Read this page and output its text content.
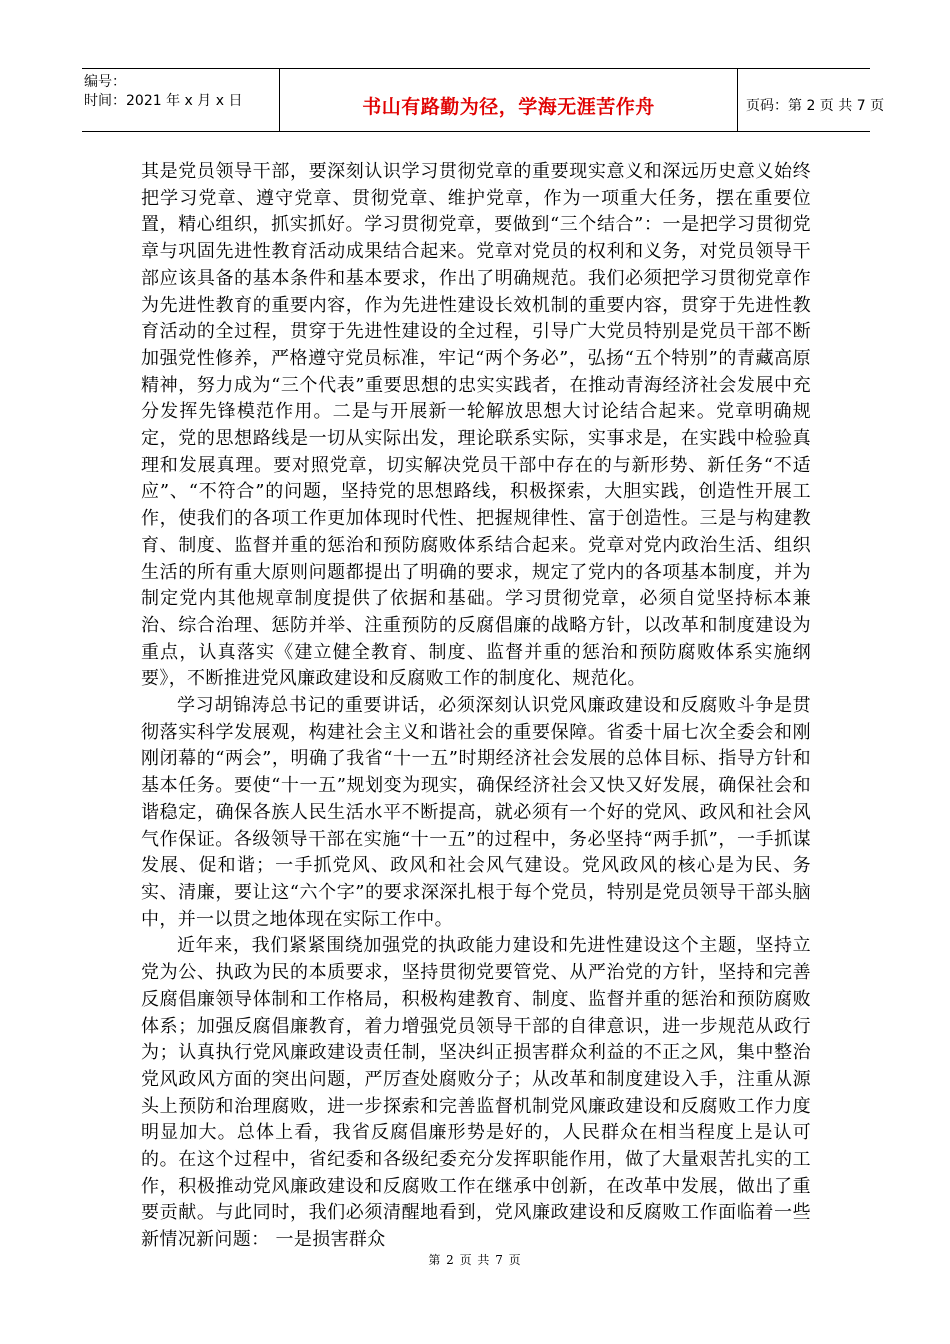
编号：
时间：2021 年 x 月 x 日	书山有路勤为径，学海无涯苦作舟	页码：第 2 页 共 7 页

其是党员领导干部，要深刻认识学习贯彻党章的重要现实意义和深远历史意义始终把学习党章、遵守党章、贯彻党章、维护党章，作为一项重大任务，摆在重要位置，精心组织，抓实抓好。学习贯彻党章，要做到“三个结合”：一是把学习贯彻党章与巩固先进性教育活动成果结合起来。党章对党员的权利和义务，对党员领导干部应该具备的基本条件和基本要求，作出了明确规范。我们必须把学习贯彻党章作为先进性教育的重要内容，作为先进性建设长效机制的重要内容，贯穿于先进性教育活动的全过程，贯穿于先进性建设的全过程，引导广大党员特别是党员干部不断加强党性修养，严格遵守党员标准，牢记“两个务必”，弘扬“五个特别”的青藏高原精神，努力成为“三个代表”重要思想的忠实实践者，在推动青海经济社会发展中充分发挥先锋模范作用。二是与开展新一轮解放思想大讨论结合起来。党章明确规定，党的思想路线是一切从实际出发，理论联系实际，实事求是，在实践中检验真理和发展真理。要对照党章，切实解决党员干部中存在的与新形势、新任务“不适应”、“不符合”的问题，坚持党的思想路线，积极探索，大胆实践，创造性开展工作，使我们的各项工作更加体现时代性、把握规律性、富于创造性。三是与构建教育、制度、监督并重的惩治和预防腐败体系结合起来。党章对党内政治生活、组织生活的所有重大原则问题都提出了明确的要求，规定了党内的各项基本制度，并为制定党内其他规章制度提供了依据和基础。学习贯彻党章，必须自觉坚持标本兼治、综合治理、惩防并举、注重预防的反腐倡廉的战略方针，以改革和制度建设为重点，认真落实《建立健全教育、制度、监督并重的惩治和预防腐败体系实施纲要》，不断推进党风廉政建设和反腐败工作的制度化、规范化。

学习胡锦涛总书记的重要讲话，必须深刻认识党风廉政建设和反腐败斗争是贯彻落实科学发展观，构建社会主义和谐社会的重要保障。省委十届七次全委会和刚刚闭幕的“两会”，明确了我省“十一五”时期经济社会发展的总体目标、指导方针和基本任务。要使“十一五”规划变为现实，确保经济社会又快又好发展，确保社会和谐稳定，确保各族人民生活水平不断提高，就必须有一个好的党风、政风和社会风气作保证。各级领导干部在实施“十一五”的过程中，务必坚持“两手抓”，一手抓谋发展、促和谐；一手抓党风、政风和社会风气建设。党风政风的核心是为民、务实、清廉，要让这“六个字”的要求深深扎根于每个党员，特别是党员领导干部头脑中，并一以贯之地体现在实际工作中。

近年来，我们紧紧围绕加强党的执政能力建设和先进性建设这个主题，坚持立党为公、执政为民的本质要求，坚持贯彻党要管党、从严治党的方针，坚持和完善反腐倡廉领导体制和工作格局，积极构建教育、制度、监督并重的惩治和预防腐败体系；加强反腐倡廉教育，着力增强党员领导干部的自律意识，进一步规范从政行为；认真执行党风廉政建设责任制，坚决纠正损害群众利益的不正之风，集中整治党风政风方面的突出问题，严厉查处腐败分子；从改革和制度建设入手，注重从源头上预防和治理腐败，进一步探索和完善监督机制党风廉政建设和反腐败工作力度明显加大。总体上看，我省反腐倡廉形势是好的，人民群众在相当程度上是认可的。在这个过程中，省纪委和各级纪委充分发挥职能作用，做了大量艰苦扎实的工作，积极推动党风廉政建设和反腐败工作在继承中创新，在改革中发展，做出了重要贡献。与此同时，我们必须清醒地看到，党风廉政建设和反腐败工作面临着一些新情况新问题： 一是损害群众

第 2 页 共 7 页
